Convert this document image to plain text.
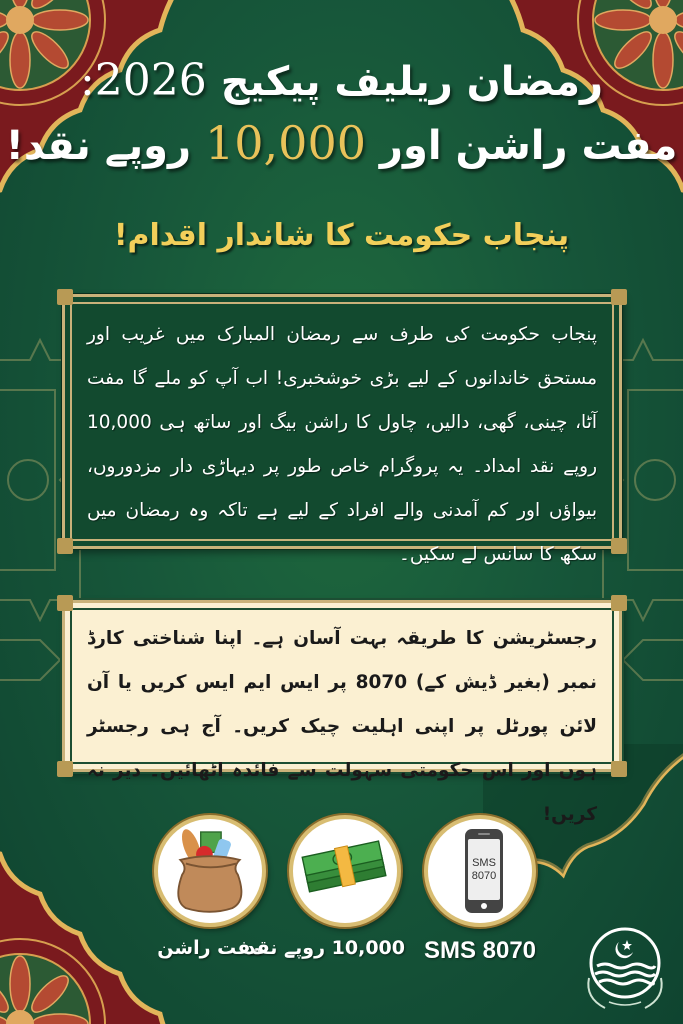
رمضان ریلیف پیکیج 2026:
مفت راشن اور 10,000 روپے نقد!
پنجاب حکومت کا شاندار اقدام!
پنجاب حکومت کی طرف سے رمضان المبارک میں غریب اور مستحق خاندانوں کے لیے بڑی خوشخبری! اب آپ کو ملے گا مفت آٹا، چینی، گھی، دالیں، چاول کا راشن بیگ اور ساتھ ہی 10,000 روپے نقد امداد۔ یہ پروگرام خاص طور پر دیہاڑی دار مزدوروں، بیواؤں اور کم آمدنی والے افراد کے لیے ہے تاکہ وہ رمضان میں سکھ کا سانس لے سکیں۔
رجسٹریشن کا طریقہ بہت آسان ہے۔ اپنا شناختی کارڈ نمبر (بغیر ڈیش کے) 8070 پر ایس ایم ایس کریں یا آن لائن پورٹل پر اپنی اہلیت چیک کریں۔ آج ہی رجسٹر ہوں اور اس حکومتی سہولت سے فائدہ اٹھائیں۔ دیر نہ کریں!
مفت راشن
10,000 روپے نقد
SMS
8070
SMS 8070
